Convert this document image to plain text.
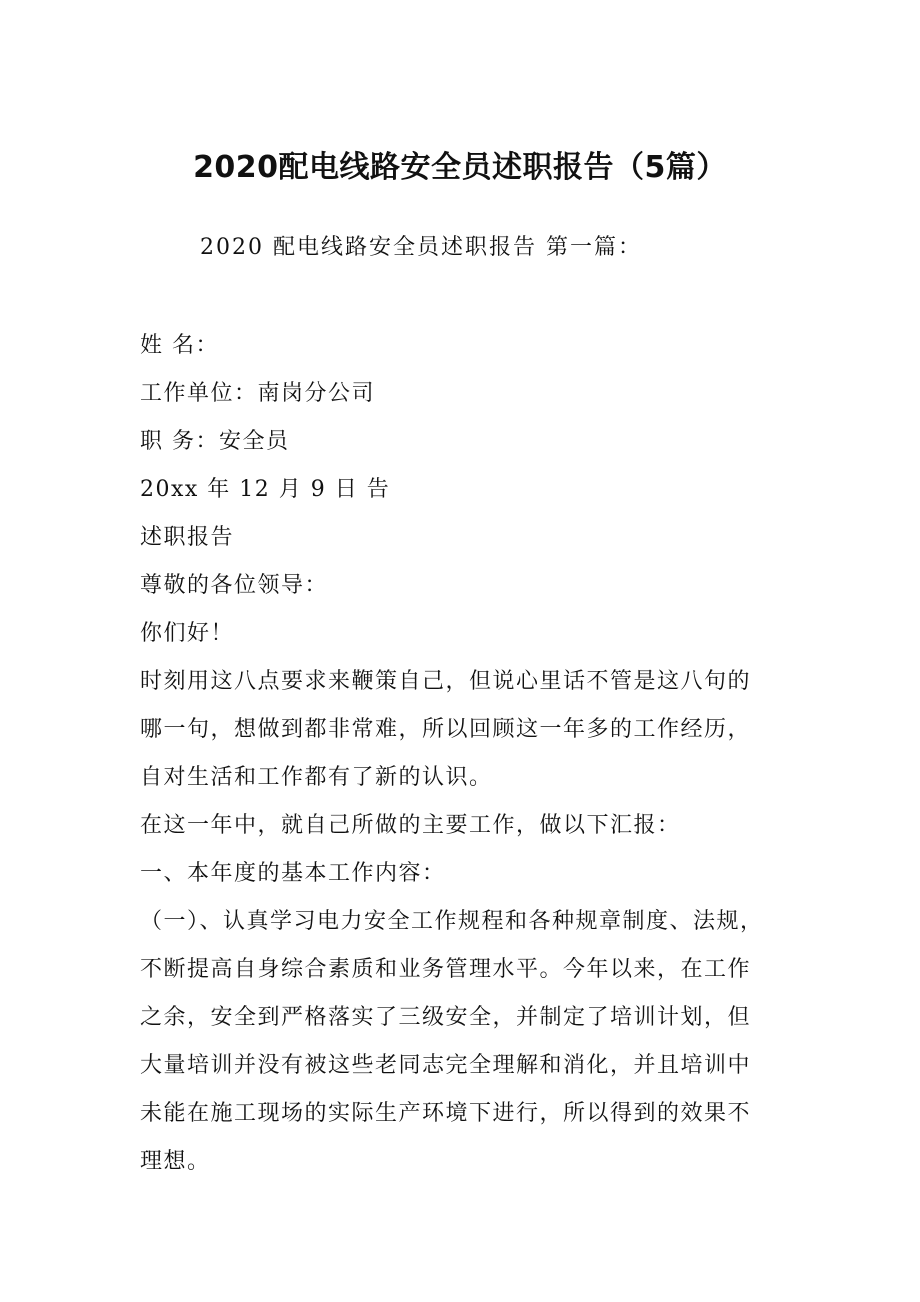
2020配电线路安全员述职报告（5篇）

2020 配电线路安全员述职报告 第一篇：

姓 名：

工作单位：南岗分公司

职 务：安全员

20xx 年 12 月 9 日 告

述职报告

尊敬的各位领导：

你们好！

时刻用这八点要求来鞭策自己，但说心里话不管是这八句的
哪一句，想做到都非常难，所以回顾这一年多的工作经历，
自对生活和工作都有了新的认识。

在这一年中，就自己所做的主要工作，做以下汇报：

一、本年度的基本工作内容：

（一）、认真学习电力安全工作规程和各种规章制度、法规，
不断提高自身综合素质和业务管理水平。今年以来，在工作
之余，安全到严格落实了三级安全，并制定了培训计划，但
大量培训并没有被这些老同志完全理解和消化，并且培训中
未能在施工现场的实际生产环境下进行，所以得到的效果不
理想。
